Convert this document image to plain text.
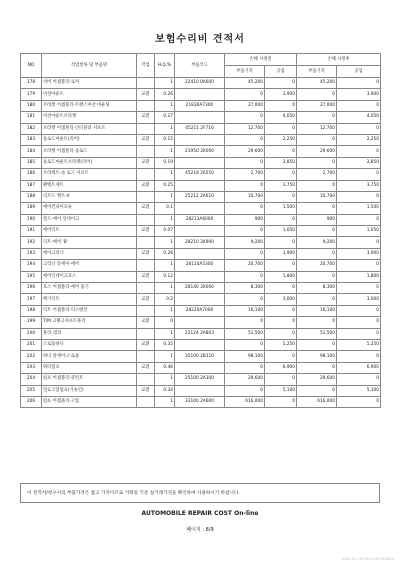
보험수리비 견적서
NO	작업항목 및 부품명	작업	H.Q.%	부품코드	손해 사정전		손해 사정후	
					부품가격	공임	부품가격	공임
178	커버 어셈블리-로커		1	22410 0A600	45,200	0	45,200	0
179	미션마운트	교환	0.26		0	3,900	0	3,900
180	브라켓 어셈블리-트랜스미션 마운팅		1	21830A7300	27,000	0	27,000	0
181	미션마운트브라켓	교환	0.27		0	4,050	0	4,050
182	브라켓 어셈블리-인터쿨러 서포트		1	45211 2F710	12,700	0	12,700	0
183	롤로드마운트(리어)	교환	0.15		0	2,250	0	2,250
184	브라켓 어셈블리-롤로드		1	21950 3X000	29,600	0	29,600	0
185	롤로드마운트브라켓(리어)	교환	0.19		0	2,850	0	2,850
186	브라케트-롤 로드 서포트		1	45218 26550	2,700	0	2,700	0
187	팬벨트세트	교환	0.25		0	3,750	0	3,750
188	리브드 벨트-V		1	25212 2A610	10,700	0	10,700	0
189	에어컨파이프류	교환	0.1		0	1,500	0	1,500
190	씰드-에어 인테이크		1	28213A6000	900	0	900	0
191	에어덕트	교환	0.07		0	1,050	0	1,050
192	덕트-에어 'B'		1	28210 3X900	9,200	0	9,200	0
193	에어크리너	교환	0.26		0	3,900	0	3,900
194	크리너 앗세이-에어		1	28110A5300	20,700	0	20,700	0
195	에어인테이크호스	교환	0.12		0	1,800	0	1,800
196	호스 어셈블리-에어 흡기		1	28140 3X000	8,300	0	8,300	0
197	배기덕트	교환	0.2		0	3,000	0	3,000
198	덕트 어셈블리-익스텐션		1	28220A7000	16,100	0	16,100	0
199	T/M 크랭크샤프트풀리	교환	0		0	0	0	0
200	풀리-댐퍼		1	23124 2A803	51,500	0	51,500	0
201	스로틀바디	교환	0.35		0	5,250	0	5,250
202	바디 앗세이-스로틀		1	35100 2B310	98,100	0	98,100	0
203	워터펌프	교환	0.46		0	6,900	0	6,900
204	펌프 어셈블리-쿨런트		1	25100 2A300	29,600	0	29,600	0
205	연료고압펌프(가솔린)	교환	0.34		0	5,100	0	5,100
206	펌프 어셈블리-고압		1	33100 2A600	616,000	0	616,000	0
이 견적서/청구서의 부품가격은 참고 가격이므로 거래일 기준 실거래가격을 확인하여 사용하시기 바랍니다.
AUTOMOBILE REPAIR COST On-line
페이지 : 8/9
2024-01-15 09:23:45 KT0000
